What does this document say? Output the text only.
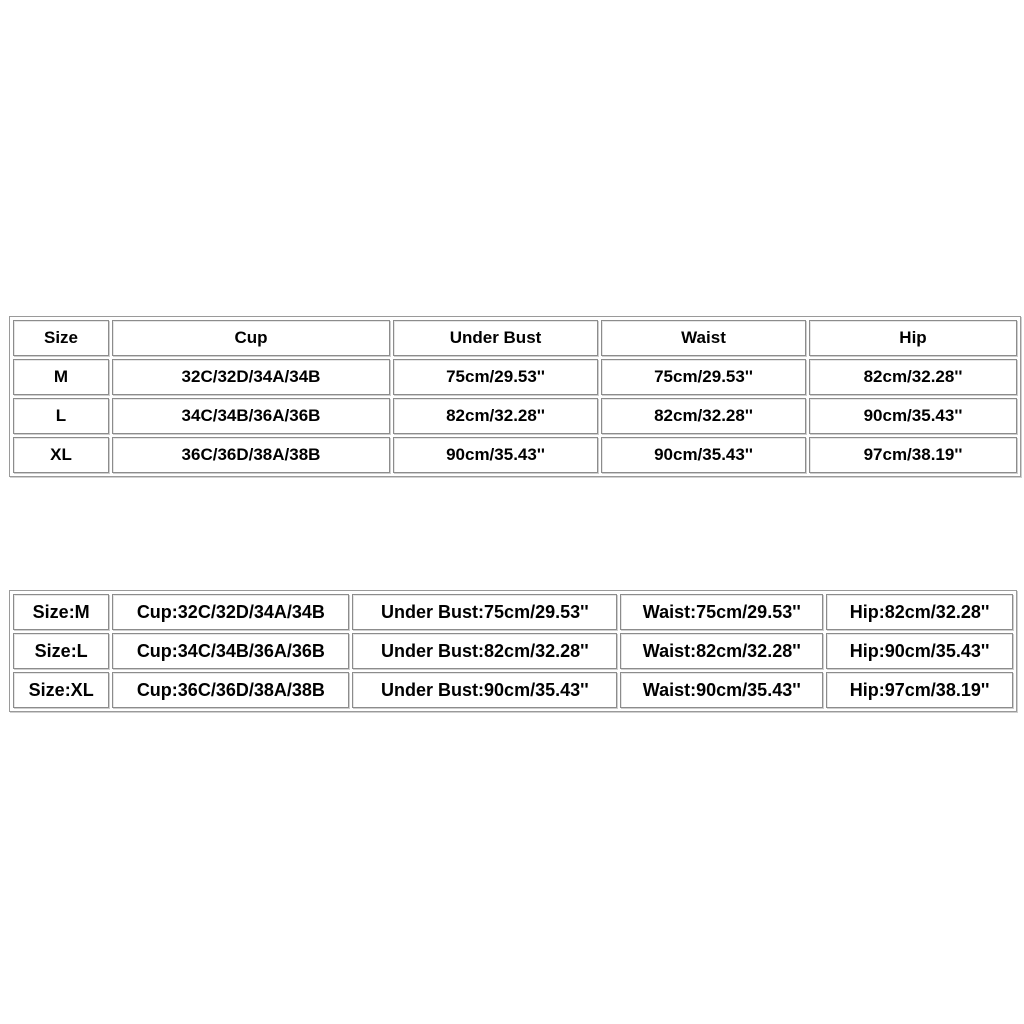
Size	Cup	Under Bust	Waist	Hip
M	32C/32D/34A/34B	75cm/29.53''	75cm/29.53''	82cm/32.28''
L	34C/34B/36A/36B	82cm/32.28''	82cm/32.28''	90cm/35.43''
XL	36C/36D/38A/38B	90cm/35.43''	90cm/35.43''	97cm/38.19''
Size:M	Cup:32C/32D/34A/34B	Under Bust:75cm/29.53''	Waist:75cm/29.53''	Hip:82cm/32.28''
Size:L	Cup:34C/34B/36A/36B	Under Bust:82cm/32.28''	Waist:82cm/32.28''	Hip:90cm/35.43''
Size:XL	Cup:36C/36D/38A/38B	Under Bust:90cm/35.43''	Waist:90cm/35.43''	Hip:97cm/38.19''
